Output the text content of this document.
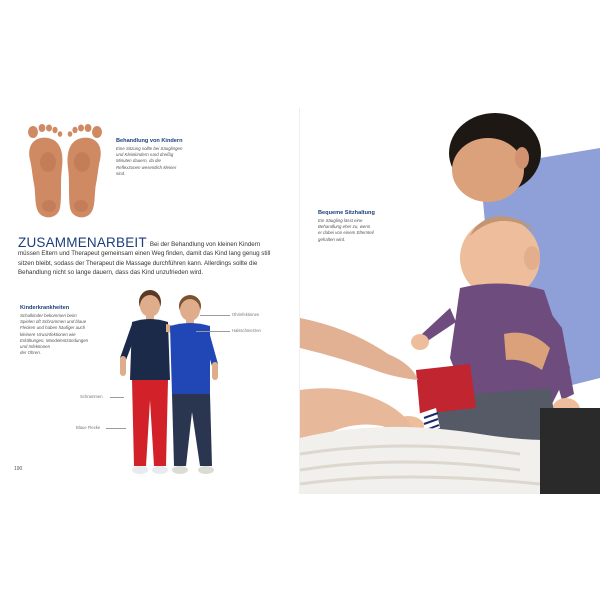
Behandlung von Kindern
Eine Sitzung sollte bei Säuglingen
und Kleinkindern rund dreißig
Minuten dauern, da die
Reflexzonen wesentlich kleiner
sind.
ZUSAMMENARBEIT Bei der Behandlung von kleinen Kindern müssen Eltern und Therapeut gemeinsam einen Weg finden, damit das Kind lang genug still sitzen bleibt, sodass der Therapeut die Massage durchführen kann. Allerdings sollte die Behandlung nicht so lange dauern, dass das Kind unzufrieden wird.
Kinderkrankheiten
Schulkinder bekommen beim
Spielen oft Schrammen und blaue
Flecken und haben häufiger auch
kleinere Virusinfektionen wie
Erkältungen, Mandelentzündungen
und Infektionen
der Ohren.
Ohrinfektionen
Halsschmerzen
Schrammen
Blaue Flecke
190
Bequeme Sitzhaltung
Ein Säugling lässt eine
Behandlung eher zu, wenn
er dabei von einem Elternteil
gehalten wird.
